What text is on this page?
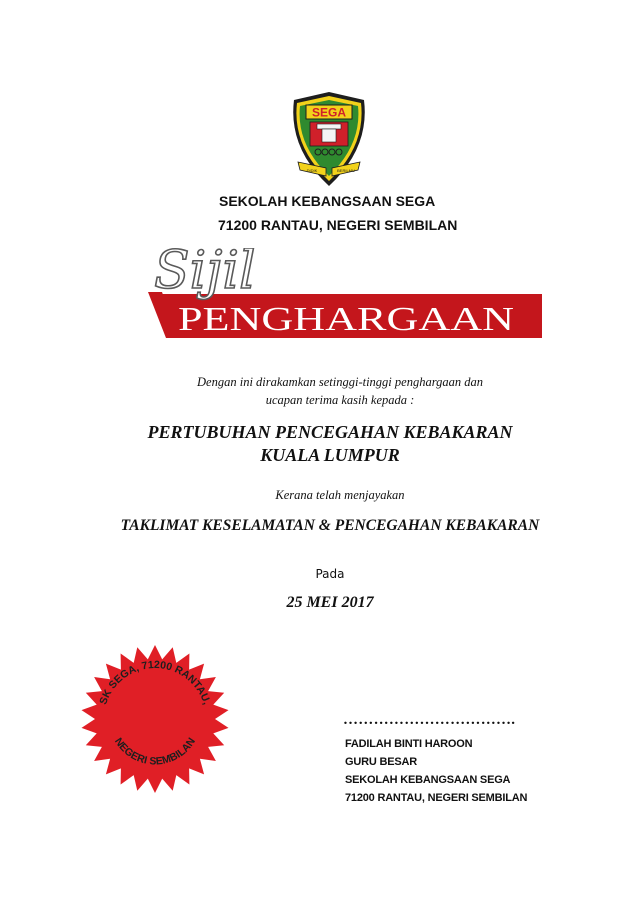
SEGA
DIDIK	BERILMU
SEKOLAH KEBANGSAAN SEGA
71200 RANTAU, NEGERI SEMBILAN
Sijil
PENGHARGAAN
Dengan ini dirakamkan setinggi-tinggi penghargaan dan
ucapan terima kasih kepada :
PERTUBUHAN PENCEGAHAN KEBAKARAN
KUALA LUMPUR
Kerana telah menjayakan
TAKLIMAT KESELAMATAN & PENCEGAHAN KEBAKARAN
Pada
25 MEI 2017
SK SEGA, 71200 RANTAU,
NEGERI SEMBILAN
…………………………….
FADILAH BINTI HAROON
GURU BESAR
SEKOLAH KEBANGSAAN SEGA
71200 RANTAU, NEGERI SEMBILAN
